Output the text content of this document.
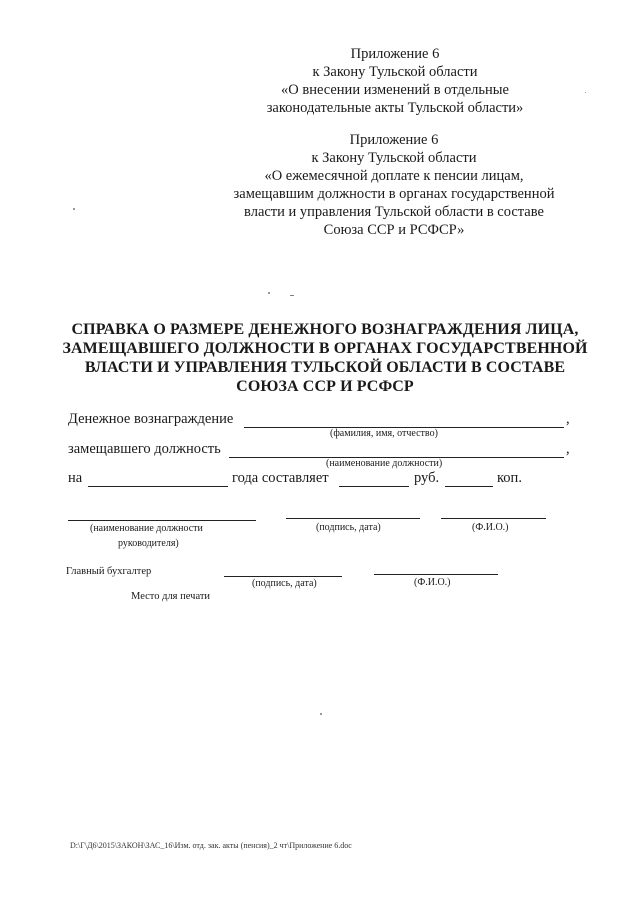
Приложение 6
к Закону Тульской области
«О внесении изменений в отдельные
законодательные акты Тульской области»
Приложение 6
к Закону Тульской области
«О ежемесячной доплате к пенсии лицам,
замещавшим должности в органах государственной
власти и управления Тульской области в составе
Союза ССР и РСФСР»
СПРАВКА О РАЗМЕРЕ ДЕНЕЖНОГО ВОЗНАГРАЖДЕНИЯ ЛИЦА,
ЗАМЕЩАВШЕГО ДОЛЖНОСТИ В ОРГАНАХ ГОСУДАРСТВЕННОЙ
ВЛАСТИ И УПРАВЛЕНИЯ ТУЛЬСКОЙ ОБЛАСТИ В СОСТАВЕ
СОЮЗА ССР И РСФСР
Денежное вознаграждение	,
(фамилия, имя, отчество)
замещавшего должность	,
(наименование должности)
на	года составляет	руб.	коп.
(наименование должности
руководителя)
(подпись, дата)	(Ф.И.О.)
Главный бухгалтер
(подпись, дата)	(Ф.И.О.)
Место для печати
D:\Г\Д6\2015\ЗАКОН\ЗАС_16\Изм. отд. зак. акты (пенсия)_2 чт\Приложение 6.doc
